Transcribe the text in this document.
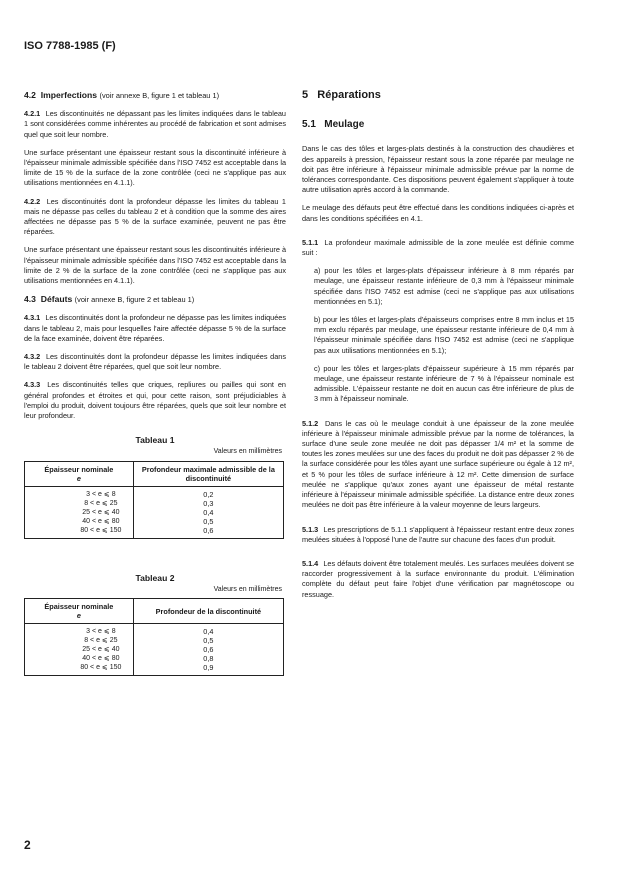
ISO 7788-1985 (F)
4.2 Imperfections (voir annexe B, figure 1 et tableau 1)

4.2.1 Les discontinuités ne dépassant pas les limites indiquées dans le tableau 1 sont considérées comme inhérentes au procédé de fabrication et sont admises quel que soit leur nombre.

Une surface présentant une épaisseur restant sous la discontinuité inférieure à l'épaisseur minimale admissible spécifiée dans l'ISO 7452 est acceptable dans la limite de 15 % de la surface de la zone contrôlée (ceci ne s'applique pas aux utilisations mentionnées en 4.1.1).

4.2.2 Les discontinuités dont la profondeur dépasse les limites du tableau 1 mais ne dépasse pas celles du tableau 2 et à condition que la somme des aires affectées ne dépasse pas 5 % de la surface examinée, peuvent ne pas être réparées.

Une surface présentant une épaisseur restant sous les discontinuités inférieure à l'épaisseur minimale admissible spécifiée dans l'ISO 7452 est acceptable dans la limite de 2 % de la surface de la zone contrôlée (ceci ne s'applique pas aux utilisations mentionnées en 4.1.1).

4.3 Défauts (voir annexe B, figure 2 et tableau 1)

4.3.1 Les discontinuités dont la profondeur ne dépasse pas les limites indiquées dans le tableau 2, mais pour lesquelles l'aire affectée dépasse 5 % de la surface de la face examinée, doivent être réparées.

4.3.2 Les discontinuités dont la profondeur dépasse les limites indiquées dans le tableau 2 doivent être réparées, quel que soit leur nombre.

4.3.3 Les discontinuités telles que criques, repliures ou pailles qui sont en général profondes et étroites et qui, pour cette raison, sont préjudiciables à l'emploi du produit, doivent toujours être réparées, quels que soit leur nombre et leur profondeur.

Tableau 1
Valeurs en millimètres
Épaisseur nominale
e	Profondeur maximale admissible de la discontinuité
3 < e ⩽ 8	0,2
8 < e ⩽ 25	0,3
25 < e ⩽ 40	0,4
40 < e ⩽ 80	0,5
80 < e ⩽ 150	0,6
Tableau 2
Valeurs en millimètres
Épaisseur nominale
e	Profondeur de la discontinuité
3 < e ⩽ 8	0,4
8 < e ⩽ 25	0,5
25 < e ⩽ 40	0,6
40 < e ⩽ 80	0,8
80 < e ⩽ 150	0,9
5 Réparations
5.1 Meulage

Dans le cas des tôles et larges-plats destinés à la construction des chaudières et des appareils à pression, l'épaisseur restant sous la zone réparée par meulage ne doit pas être inférieure à l'épaisseur minimale admissible prévue par la norme de tolérances correspondante. Ces dispositions peuvent également s'appliquer à toute autre utilisation après accord à la commande.

Le meulage des défauts peut être effectué dans les conditions indiquées ci-après et dans les conditions spécifiées en 4.1.

5.1.1 La profondeur maximale admissible de la zone meulée est définie comme suit :

a) pour les tôles et larges-plats d'épaisseur inférieure à 8 mm réparés par meulage, une épaisseur restante inférieure de 0,3 mm à l'épaisseur minimale spécifiée dans l'ISO 7452 est admise (ceci ne s'applique pas aux utilisations mentionnées en 5.1);

b) pour les tôles et larges-plats d'épaisseurs comprises entre 8 mm inclus et 15 mm exclu réparés par meulage, une épaisseur restante inférieure de 0,4 mm à l'épaisseur minimale spécifiée dans l'ISO 7452 est admise (ceci ne s'applique pas aux utilisations mentionnées en 5.1);

c) pour les tôles et larges-plats d'épaisseur supérieure à 15 mm réparés par meulage, une épaisseur restante inférieure de 7 % à l'épaisseur nominale est admissible. L'épaisseur restante ne doit en aucun cas être inférieure de plus de 3 mm à l'épaisseur nominale.

5.1.2 Dans le cas où le meulage conduit à une épaisseur de la zone meulée inférieure à l'épaisseur minimale admissible prévue par la norme de tolérances, la surface d'une seule zone meulée ne doit pas dépasser 1/4 m² et la somme de toutes les zones meulées sur une des faces du produit ne doit pas dépasser 2 % de la surface considérée pour les tôles ayant une surface supérieure ou égale à 12 m², et 5 % pour les tôles de surface inférieure à 12 m². Cette dimension de surface meulée ne s'applique qu'aux zones ayant une épaisseur de métal restante inférieure à l'épaisseur minimale admissible spécifiée. La distance entre deux zones meulées ne doit pas être inférieure à la valeur moyenne de leurs largeurs.

5.1.3 Les prescriptions de 5.1.1 s'appliquent à l'épaisseur restant entre deux zones meulées situées à l'opposé l'une de l'autre sur chacune des faces d'un produit.

5.1.4 Les défauts doivent être totalement meulés. Les surfaces meulées doivent se raccorder progressivement à la surface environnante du produit. L'élimination complète du défaut peut faire l'objet d'une vérification par magnétoscope ou ressuage.

2
